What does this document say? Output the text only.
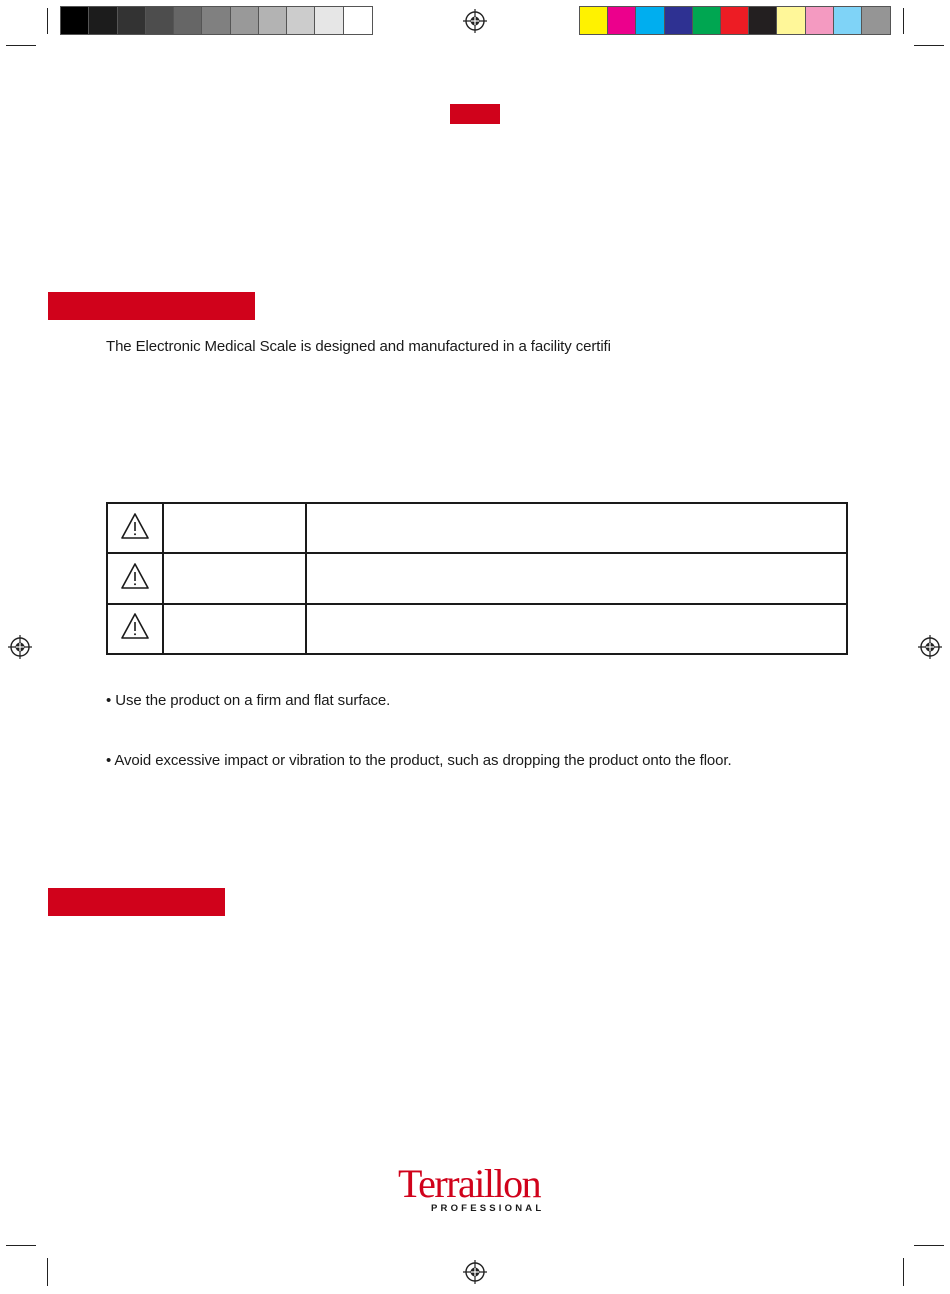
The Electronic Medical Scale is designed and manufactured in a facility certifi

• Use the product on a firm and flat surface.
• Avoid excessive impact or vibration to the product, such as dropping the product onto the floor.
Terraillon
PROFESSIONAL
